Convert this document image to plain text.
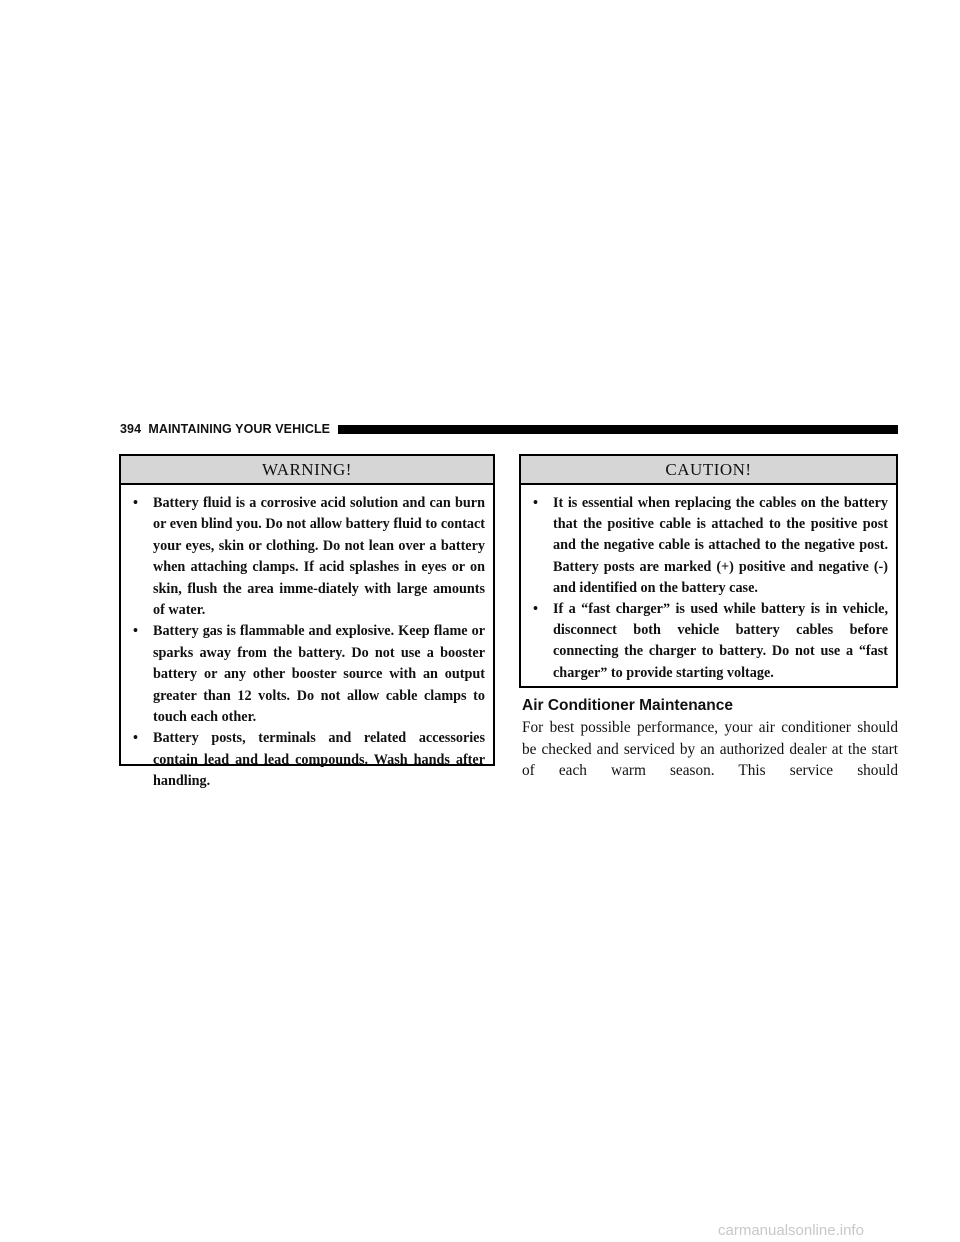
394 MAINTAINING YOUR VEHICLE
WARNING!
• Battery fluid is a corrosive acid solution and can burn or even blind you. Do not allow battery fluid to contact your eyes, skin or clothing. Do not lean over a battery when attaching clamps. If acid splashes in eyes or on skin, flush the area imme-diately with large amounts of water.
• Battery gas is flammable and explosive. Keep flame or sparks away from the battery. Do not use a booster battery or any other booster source with an output greater than 12 volts. Do not allow cable clamps to touch each other.
• Battery posts, terminals and related accessories contain lead and lead compounds. Wash hands after handling.
CAUTION!
• It is essential when replacing the cables on the battery that the positive cable is attached to the positive post and the negative cable is attached to the negative post. Battery posts are marked (+) positive and negative (-) and identified on the battery case.
• If a “fast charger” is used while battery is in vehicle, disconnect both vehicle battery cables before connecting the charger to battery. Do not use a “fast charger” to provide starting voltage.
Air Conditioner Maintenance
For best possible performance, your air conditioner should be checked and serviced by an authorized dealer at the start of each warm season. This service should
carmanualsonline.info
